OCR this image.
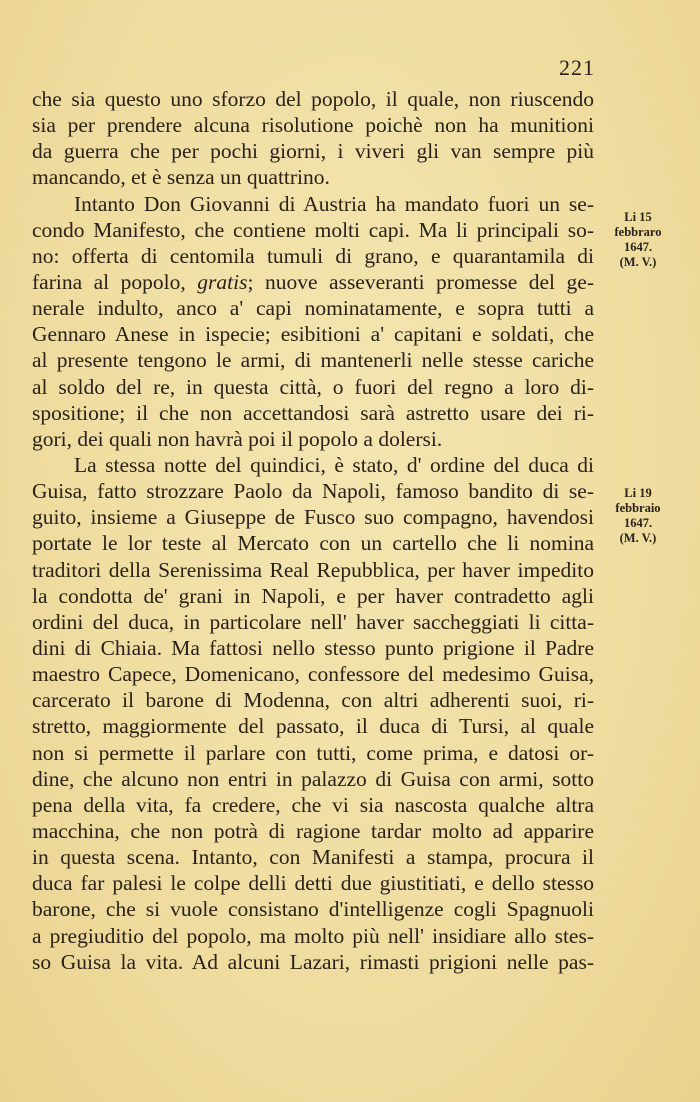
221
che sia questo uno sforzo del popolo, il quale, non riuscendo
sia per prendere alcuna risolutione poichè non ha munitioni
da guerra che per pochi giorni, i viveri gli van sempre più
mancando, et è senza un quattrino.
Intanto Don Giovanni di Austria ha mandato fuori un se-
condo Manifesto, che contiene molti capi. Ma li principali so-
no: offerta di centomila tumuli di grano, e quarantamila di
farina al popolo, gratis; nuove asseveranti promesse del ge-
nerale indulto, anco a' capi nominatamente, e sopra tutti a
Gennaro Anese in ispecie; esibitioni a' capitani e soldati, che
al presente tengono le armi, di mantenerli nelle stesse cariche
al soldo del re, in questa città, o fuori del regno a loro di-
spositione; il che non accettandosi sarà astretto usare dei ri-
gori, dei quali non havrà poi il popolo a dolersi.
La stessa notte del quindici, è stato, d' ordine del duca di
Guisa, fatto strozzare Paolo da Napoli, famoso bandito di se-
guito, insieme a Giuseppe de Fusco suo compagno, havendosi
portate le lor teste al Mercato con un cartello che li nomina
traditori della Serenissima Real Repubblica, per haver impedito
la condotta de' grani in Napoli, e per haver contradetto agli
ordini del duca, in particolare nell' haver saccheggiati li citta-
dini di Chiaia. Ma fattosi nello stesso punto prigione il Padre
maestro Capece, Domenicano, confessore del medesimo Guisa,
carcerato il barone di Modenna, con altri adherenti suoi, ri-
stretto, maggiormente del passato, il duca di Tursi, al quale
non si permette il parlare con tutti, come prima, e datosi or-
dine, che alcuno non entri in palazzo di Guisa con armi, sotto
pena della vita, fa credere, che vi sia nascosta qualche altra
macchina, che non potrà di ragione tardar molto ad apparire
in questa scena. Intanto, con Manifesti a stampa, procura il
duca far palesi le colpe delli detti due giustitiati, e dello stesso
barone, che si vuole consistano d'intelligenze cogli Spagnuoli
a pregiuditio del popolo, ma molto più nell' insidiare allo stes-
so Guisa la vita. Ad alcuni Lazari, rimasti prigioni nelle pas-
Li 15
febbraro
1647.
(M. V.)
Li 19
febbraio
1647.
(M. V.)
